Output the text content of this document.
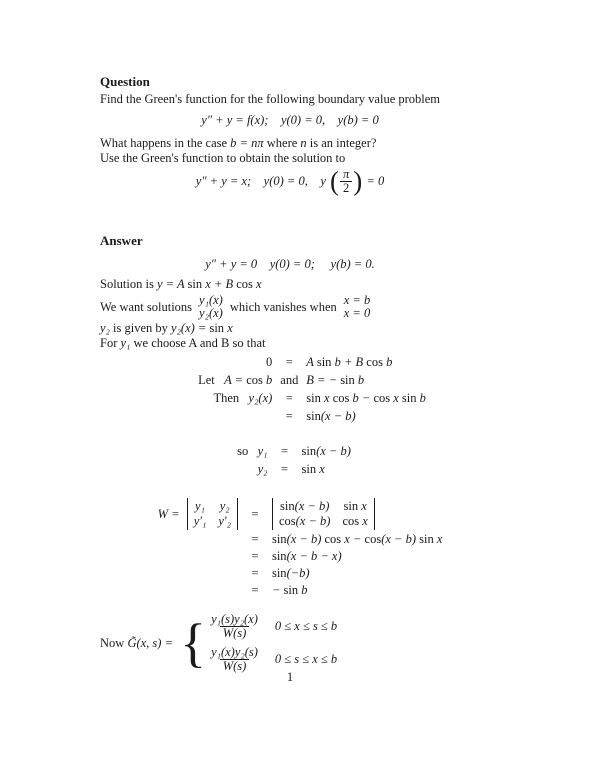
Question
Find the Green's function for the following boundary value problem
y″ + y = f(x); y(0) = 0, y(b) = 0
What happens in the case b = nπ where n is an integer?
Use the Green's function to obtain the solution to
y″ + y = x; y(0) = 0, y ( $\frac{\pi}{2}$ ) = 0
Answer
y″ + y = 0 y(0) = 0; y(b) = 0.
Solution is y = A sin x + B cos x
We want solutions y₁(x)
y₂(x) which vanishes when x = b
x = 0
y₂ is given by y₂(x) = sin x
For y₁ we choose A and B so that
0	=	A sin b + B cos b
Let   A = cos b and B = − sin b
Then   y₂(x)	=	sin x cos b − cos x sin b
=	sin(x − b)
so   y₁	=	sin(x − b)
y₂	=	sin x
W =
y₁ y₂
y′₁ y′₂
=
sin(x − b) sin x
cos(x − b) cos x
=	sin(x − b) cos x − cos(x − b) sin x
=	sin(x − b − x)
=	sin(−b)
=	− sin b
Now G̃(x, s) = { $\frac{\text{y₁(s)y₂(x)}}{W(s)} 0 \le x \le s \le b$
$\frac{\text{y₁(x)y₂(s)}}{W(s)} 0 \le s \le x \le b$
1
